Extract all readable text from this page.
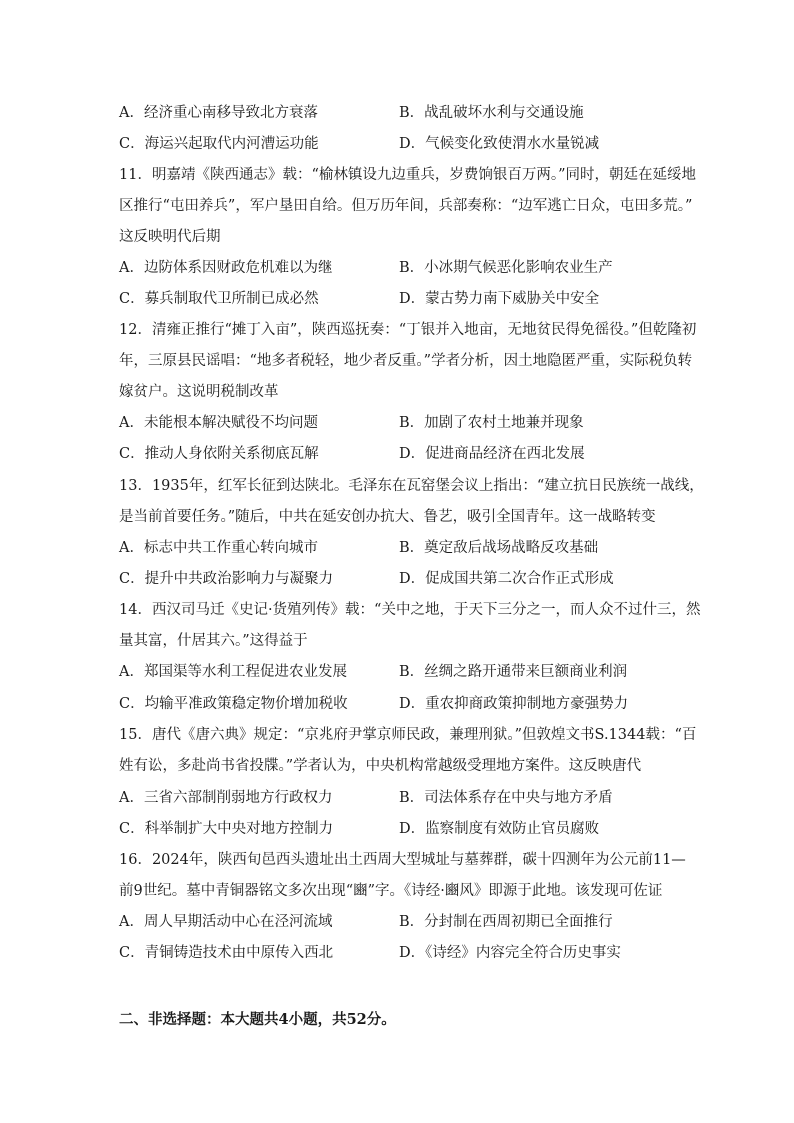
A．经济重心南移导致北方衰落	B．战乱破坏水利与交通设施
C．海运兴起取代内河漕运功能	D．气候变化致使渭水水量锐减
11．明嘉靖《陕西通志》载：“榆林镇设九边重兵，岁费饷银百万两。”同时，朝廷在延绥地
区推行“屯田养兵”，军户垦田自给。但万历年间，兵部奏称：“边军逃亡日众，屯田多荒。”
这反映明代后期
A．边防体系因财政危机难以为继	B．小冰期气候恶化影响农业生产
C．募兵制取代卫所制已成必然	D．蒙古势力南下威胁关中安全
12．清雍正推行“摊丁入亩”，陕西巡抚奏：“丁银并入地亩，无地贫民得免徭役。”但乾隆初
年，三原县民谣唱：“地多者税轻，地少者反重。”学者分析，因土地隐匿严重，实际税负转
嫁贫户。这说明税制改革
A．未能根本解决赋役不均问题	B．加剧了农村土地兼并现象
C．推动人身依附关系彻底瓦解	D．促进商品经济在西北发展
13．1935年，红军长征到达陕北。毛泽东在瓦窑堡会议上指出：“建立抗日民族统一战线，
是当前首要任务。”随后，中共在延安创办抗大、鲁艺，吸引全国青年。这一战略转变
A．标志中共工作重心转向城市	B．奠定敌后战场战略反攻基础
C．提升中共政治影响力与凝聚力	D．促成国共第二次合作正式形成
14．西汉司马迁《史记·货殖列传》载：“关中之地，于天下三分之一，而人众不过什三，然
量其富，什居其六。”这得益于
A．郑国渠等水利工程促进农业发展	B．丝绸之路开通带来巨额商业利润
C．均输平准政策稳定物价增加税收	D．重农抑商政策抑制地方豪强势力
15．唐代《唐六典》规定：“京兆府尹掌京师民政，兼理刑狱。”但敦煌文书S.1344载：“百
姓有讼，多赴尚书省投牒。”学者认为，中央机构常越级受理地方案件。这反映唐代
A．三省六部制削弱地方行政权力	B．司法体系存在中央与地方矛盾
C．科举制扩大中央对地方控制力	D．监察制度有效防止官员腐败
16．2024年，陕西旬邑西头遗址出土西周大型城址与墓葬群，碳十四测年为公元前11—
前9世纪。墓中青铜器铭文多次出现“豳”字。《诗经·豳风》即源于此地。该发现可佐证
A．周人早期活动中心在泾河流域	B．分封制在西周初期已全面推行
C．青铜铸造技术由中原传入西北	D．《诗经》内容完全符合历史事实
二、非选择题：本大题共4小题，共52分。
